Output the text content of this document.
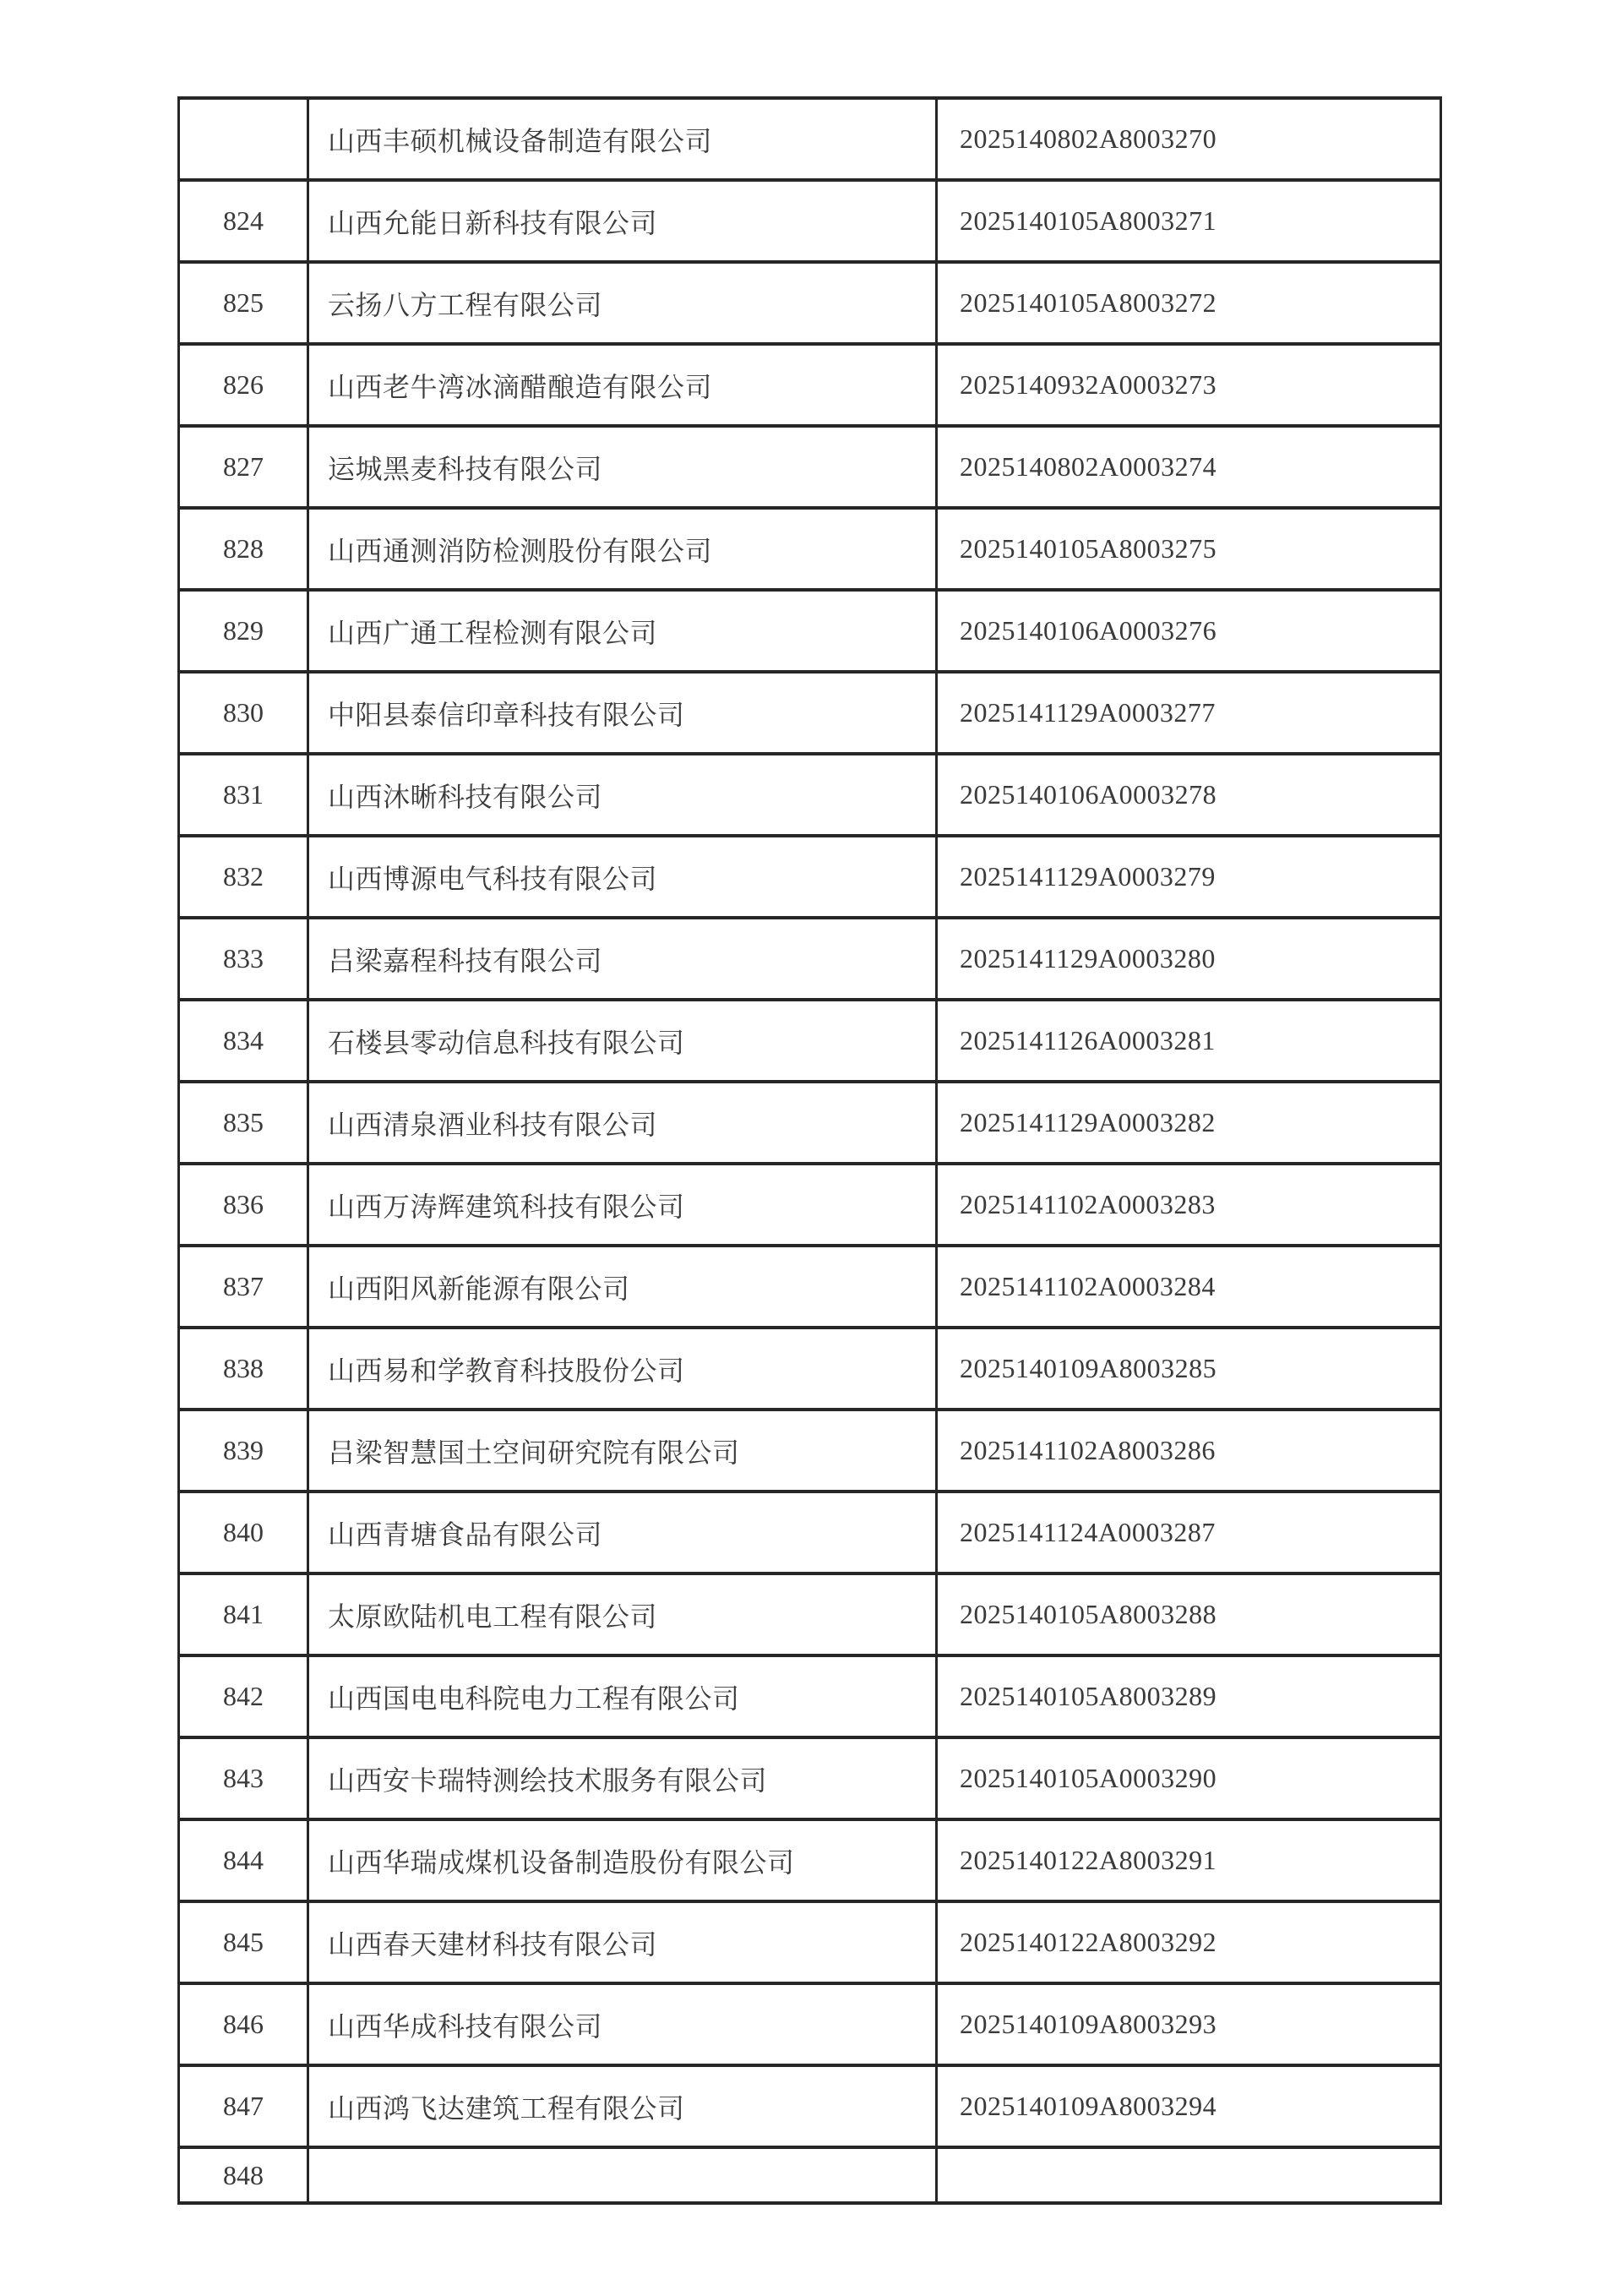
	山西丰硕机械设备制造有限公司	2025140802A8003270
824	山西允能日新科技有限公司	2025140105A8003271
825	云扬八方工程有限公司	2025140105A8003272
826	山西老牛湾冰滴醋酿造有限公司	2025140932A0003273
827	运城黑麦科技有限公司	2025140802A0003274
828	山西通测消防检测股份有限公司	2025140105A8003275
829	山西广通工程检测有限公司	2025140106A0003276
830	中阳县泰信印章科技有限公司	2025141129A0003277
831	山西沐晰科技有限公司	2025140106A0003278
832	山西博源电气科技有限公司	2025141129A0003279
833	吕梁嘉程科技有限公司	2025141129A0003280
834	石楼县零动信息科技有限公司	2025141126A0003281
835	山西清泉酒业科技有限公司	2025141129A0003282
836	山西万涛辉建筑科技有限公司	2025141102A0003283
837	山西阳风新能源有限公司	2025141102A0003284
838	山西易和学教育科技股份公司	2025140109A8003285
839	吕梁智慧国土空间研究院有限公司	2025141102A8003286
840	山西青塘食品有限公司	2025141124A0003287
841	太原欧陆机电工程有限公司	2025140105A8003288
842	山西国电电科院电力工程有限公司	2025140105A8003289
843	山西安卡瑞特测绘技术服务有限公司	2025140105A0003290
844	山西华瑞成煤机设备制造股份有限公司	2025140122A8003291
845	山西春天建材科技有限公司	2025140122A8003292
846	山西华成科技有限公司	2025140109A8003293
847	山西鸿飞达建筑工程有限公司	2025140109A8003294
848		
